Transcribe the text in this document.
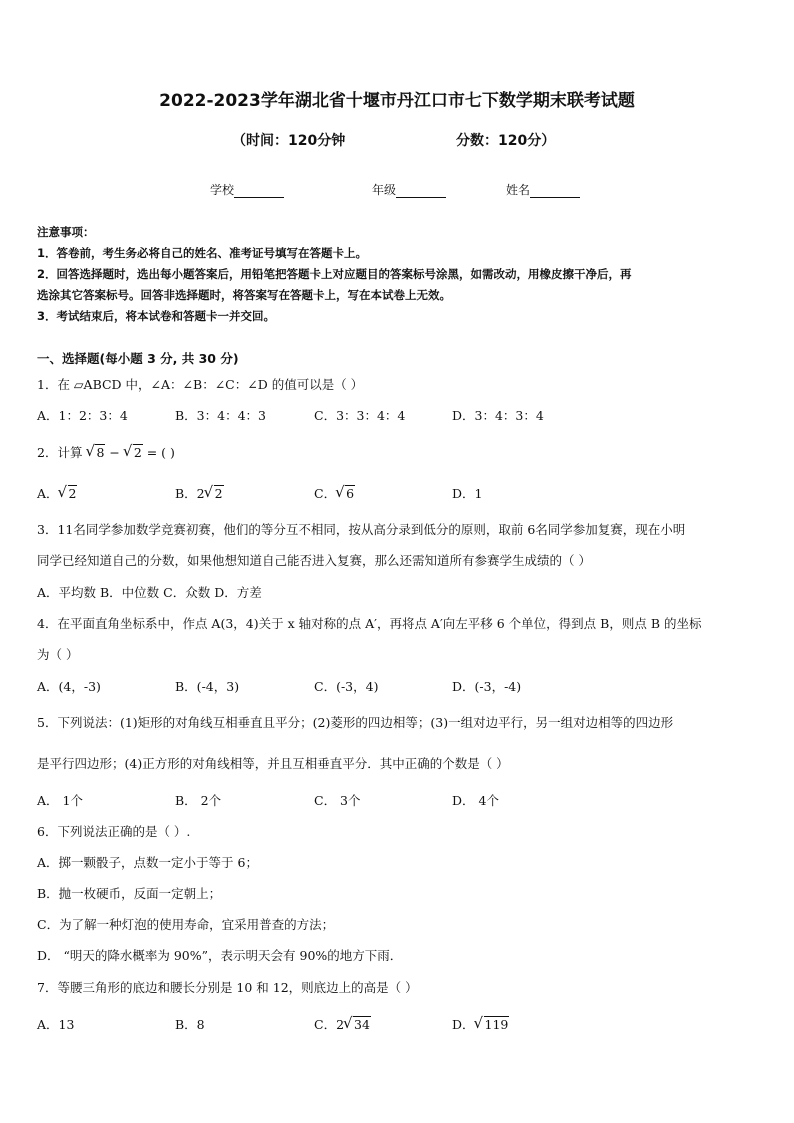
2022-2023学年湖北省十堰市丹江口市七下数学期末联考试题
（时间：120分钟	分数：120分）
学校	年级	姓名
注意事项：
1．答卷前，考生务必将自己的姓名、准考证号填写在答题卡上。
2．回答选择题时，选出每小题答案后，用铅笔把答题卡上对应题目的答案标号涂黑，如需改动，用橡皮擦干净后，再
选涂其它答案标号。回答非选择题时，将答案写在答题卡上，写在本试卷上无效。
3．考试结束后，将本试卷和答题卡一并交回。
一、选择题(每小题 3 分, 共 30 分)
1．在 ▱ABCD 中，∠A：∠B：∠C：∠D 的值可以是（ ）
A．1：2：3：4	B．3：4：4：3	C．3：3：4：4	D．3：4：3：4
2．计算 √ 8 − √ 2 = ( )
A． √ 2	B．2 √ 2	C． √ 6	D．1
3．11名同学参加数学竞赛初赛，他们的等分互不相同，按从高分录到低分的原则，取前 6名同学参加复赛，现在小明
同学已经知道自己的分数，如果他想知道自己能否进入复赛，那么还需知道所有参赛学生成绩的（ ）
A．平均数 B．中位数 C．众数 D．方差
4．在平面直角坐标系中，作点 A(3，4)关于 x 轴对称的点 A′，再将点 A′向左平移 6 个单位，得到点 B，则点 B 的坐标
为（ ）
A．(4，-3)	B．(-4，3)	C．(-3，4)	D．(-3，-4)
5．下列说法：(1)矩形的对角线互相垂直且平分；(2)菱形的四边相等；(3)一组对边平行，另一组对边相等的四边形
是平行四边形；(4)正方形的对角线相等，并且互相垂直平分．其中正确的个数是（ ）
A． 1个	B． 2个	C． 3个	D． 4个
6．下列说法正确的是（ ）.
A．掷一颗骰子，点数一定小于等于 6；
B．抛一枚硬币，反面一定朝上；
C．为了解一种灯泡的使用寿命，宜采用普查的方法；
D． “明天的降水概率为 90%”，表示明天会有 90%的地方下雨．
7．等腰三角形的底边和腰长分别是 10 和 12，则底边上的高是（ ）
A．13	B．8	C．2 √ 34	D． √ 119
